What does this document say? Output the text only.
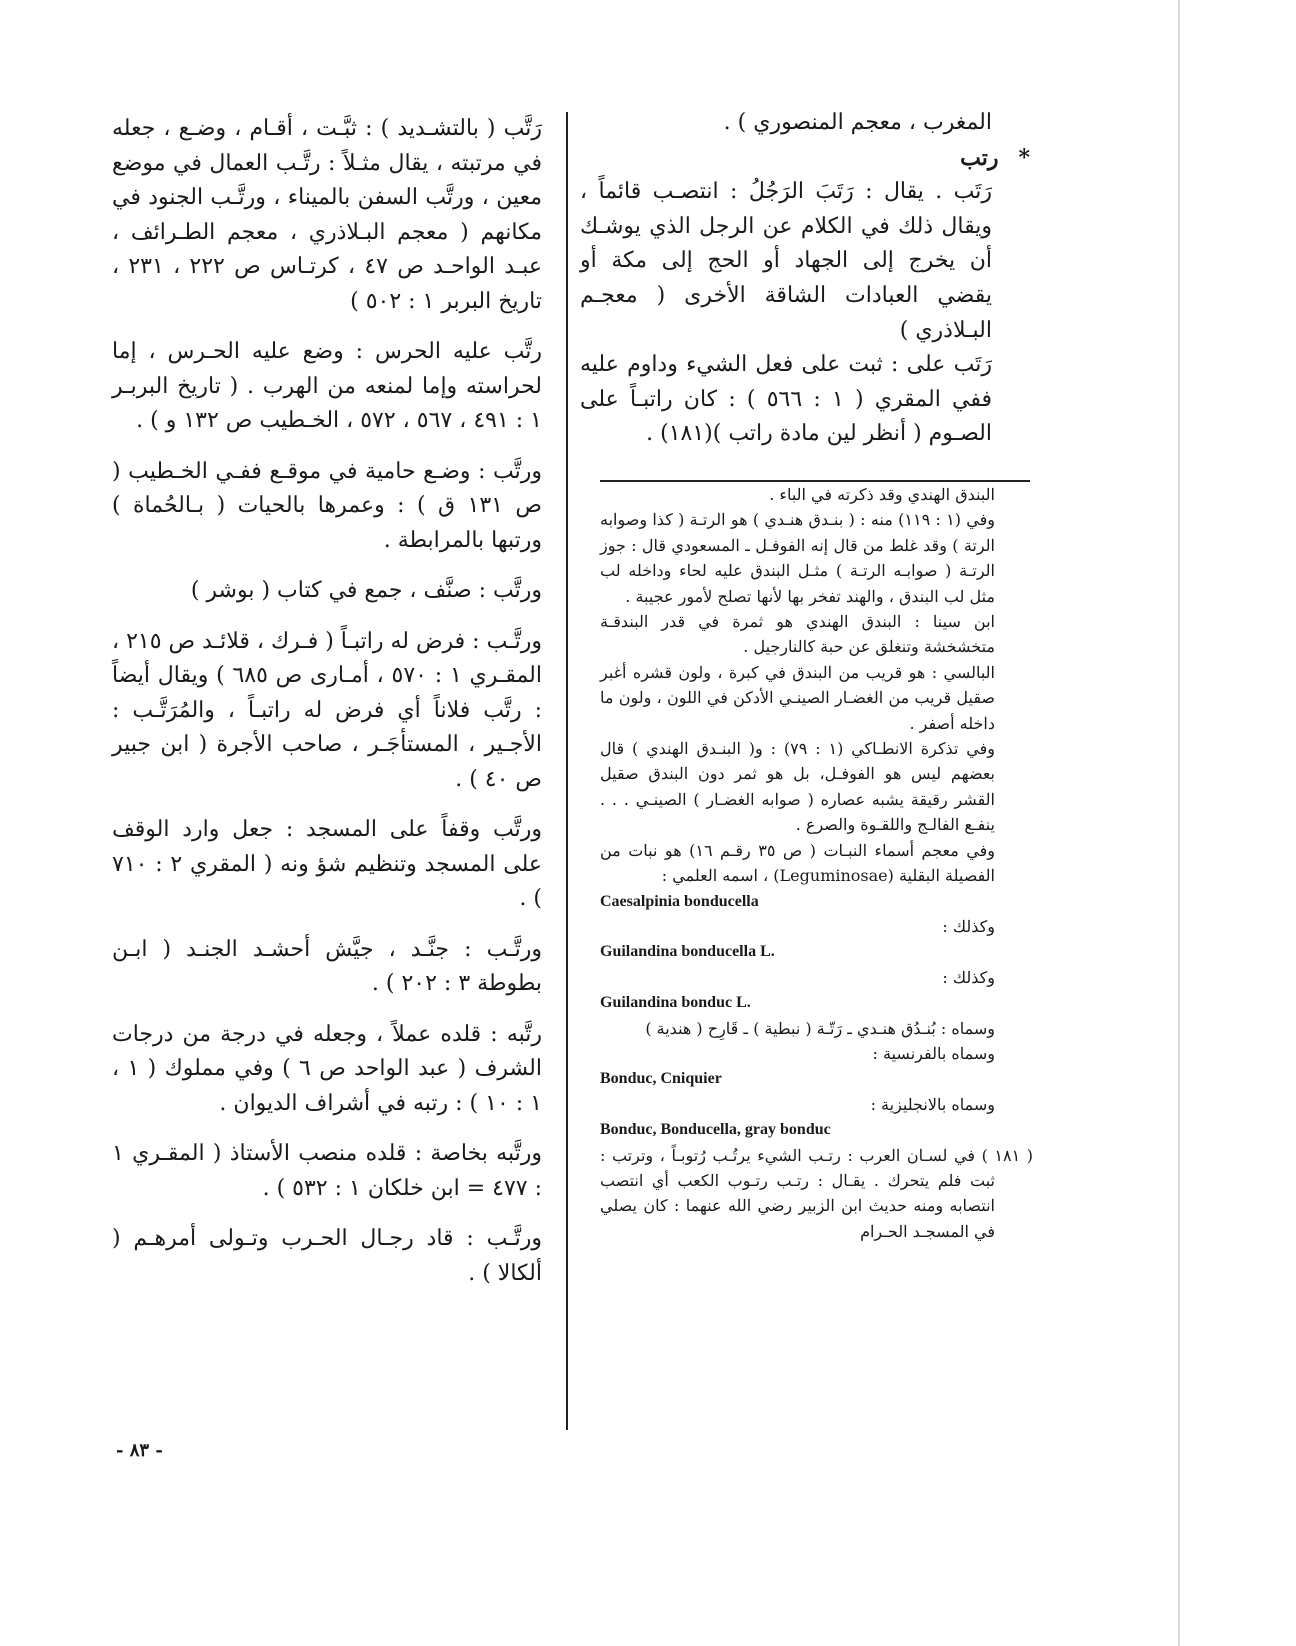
رَتَّب ( بالتشـديد ) : ثبَّـت ، أقـام ، وضـع ، جعله في مرتبته ، يقال مثـلاً : رتَّـب العمال في موضع معين ، ورتَّب السفن بالميناء ، ورتَّـب الجنود في مكانهم ( معجم البـلاذري ، معجم الطـرائف ، عبـد الواحـد ص ٤٧ ، كرتـاس ص ٢٢٢ ، ٢٣١ ، تاريخ البربر ١ : ٥٠٢ )

رتَّب عليه الحرس : وضع عليه الحـرس ، إما لحراسته وإما لمنعه من الهرب . ( تاريخ البربـر ١ : ٤٩١ ، ٥٦٧ ، ٥٧٢ ، الخـطيب ص ١٣٢ و ) .

ورتَّب : وضـع حامية في موقـع ففـي الخـطيب ( ص ١٣١ ق ) : وعمرها بالحيات ( بـالحُماة ) ورتبها بالمرابطة .

ورتَّب : صنَّف ، جمع في كتاب ( بوشر )

ورتَّـب : فرض له راتبـاً ( فـرك ، قلائـد ص ٢١٥ ، المقـري ١ : ٥٧٠ ، أمـارى ص ٦٨٥ ) ويقال أيضاً : رتَّب فلاناً أي فرض له راتبـاً ، والمُرَتَّـب : الأجـير ، المستأجَـر ، صاحب الأجرة ( ابن جبير ص ٤٠ ) .

ورتَّب وقفاً على المسجد : جعل وارد الوقف على المسجد وتنظيم شؤ ونه ( المقري ٢ : ٧١٠ ) .

ورتَّـب : جنَّـد ، جيَّش أحشـد الجنـد ( ابـن بطوطة ٣ : ٢٠٢ ) .

رتَّبه : قلده عملاً ، وجعله في درجة من درجات الشرف ( عبد الواحد ص ٦ ) وفي مملوك ( ١ ، ١ : ١٠ ) : رتبه في أشراف الديوان .

ورتَّبه بخاصة : قلده منصب الأستاذ ( المقـري ١ : ٤٧٧ = ابن خلكان ١ : ٥٣٢ ) .

ورتَّـب : قاد رجـال الحـرب وتـولى أمرهـم ( ألكالا ) .

المغرب ، معجم المنصوري ) .

*
رتب

رَتَب . يقال : رَتَبَ الرَجُلُ : انتصـب قائماً ، ويقال ذلك في الكلام عن الرجل الذي يوشـك أن يخرج إلى الجهاد أو الحج إلى مكة أو يقضي العبادات الشاقة الأخرى ( معجـم البـلاذري )

رَتَب على : ثبت على فعل الشيء وداوم عليه ففي المقري ( ١ : ٥٦٦ ) : كان راتبـاً على الصـوم ( أنظر لين مادة راتب )(١٨١) .

البندق الهندي وقد ذكرته في الباء .

وفي (١ : ١١٩) منه : ( بنـدق هنـدي ) هو الرتـة ( كذا وصوابه الرتة ) وقد غلط من قال إنه الفوفـل ـ المسعودي قال : جوز الرتـة ( صوابـه الرتـة ) مثـل البندق عليه لحاء وداخله لب مثل لب البندق ، والهند تفخر بها لأنها تصلح لأمور عجيبة .

ابن سينا : البندق الهندي هو ثمرة في قدر البندقـة متخشخشة وتنغلق عن حبة كالنارجيل .

البالسي : هو قريب من البندق في كبرة ، ولون قشره أغبر صقيل قريب من الغضـار الصينـي الأدكن في اللون ، ولون ما داخله أصفر .

وفي تذكرة الانطـاكي (١ : ٧٩) : و( البنـدق الهندي ) قال بعضهم ليس هو الفوفـل، بل هو ثمر دون البندق صقيل القشر رقيقة يشبه عصاره ( صوابه الغضـار ) الصينـي . . . ينفـع الفالـج واللقـوة والصرع .

وفي معجم أسماء النبـات ( ص ٣٥ رقـم ١٦) هو نبات من الفصيلة البقلية (Leguminosae) ، اسمه العلمي :

Caesalpinia bonducella

وكذلك :

Guilandina bonducella L.

وكذلك :

Guilandina bonduc L.

وسماه : بُنـدُق هنـدي ـ رَتّـة ( نبطية ) ـ قَارِح ( هندية )

وسماه بالفرنسية :

Bonduc, Cniquier

وسماه بالانجليزية :

Bonduc, Bonducella, gray bonduc

( ١٨١ ) في لسـان العرب : رتـب الشيء يرتُـب رُتوبـاً ، وترتب : ثبت فلم يتحرك . يقـال : رتـب رتـوب الكعب أي انتصب انتصابه ومنه حديث ابن الزبير رضي الله عنهما : كان يصلي في المسجـد الحـرام

- ٨٣ -
